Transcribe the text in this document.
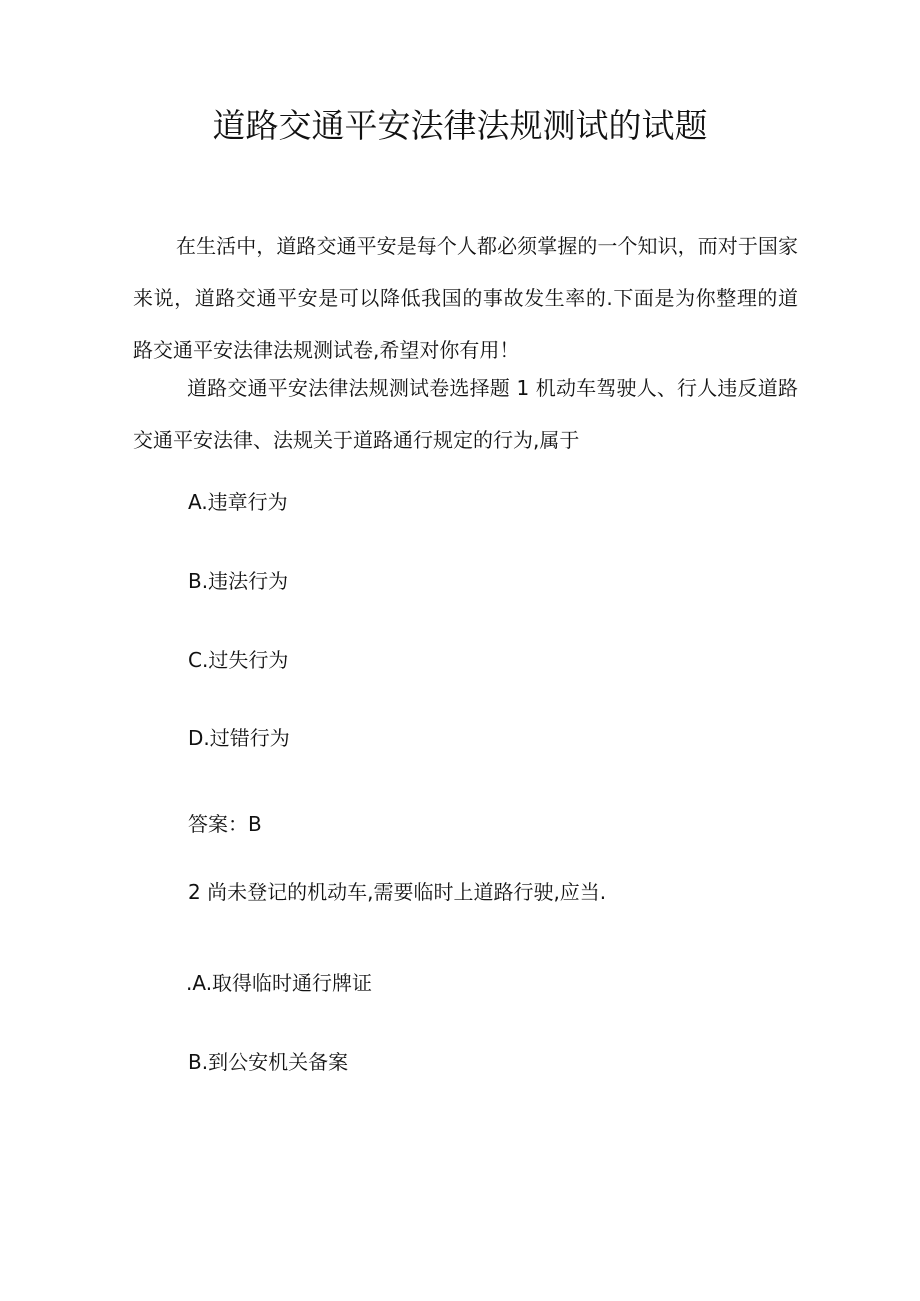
道路交通平安法律法规测试的试题

在生活中，道路交通平安是每个人都必须掌握的一个知识，而对于国家来说，道路交通平安是可以降低我国的事故发生率的.下面是为你整理的道路交通平安法律法规测试卷,希望对你有用！

道路交通平安法律法规测试卷选择题 1 机动车驾驶人、行人违反道路交通平安法律、法规关于道路通行规定的行为,属于

A.违章行为

B.违法行为

C.过失行为

D.过错行为

答案：B

2 尚未登记的机动车,需要临时上道路行驶,应当.

.A.取得临时通行牌证

B.到公安机关备案
